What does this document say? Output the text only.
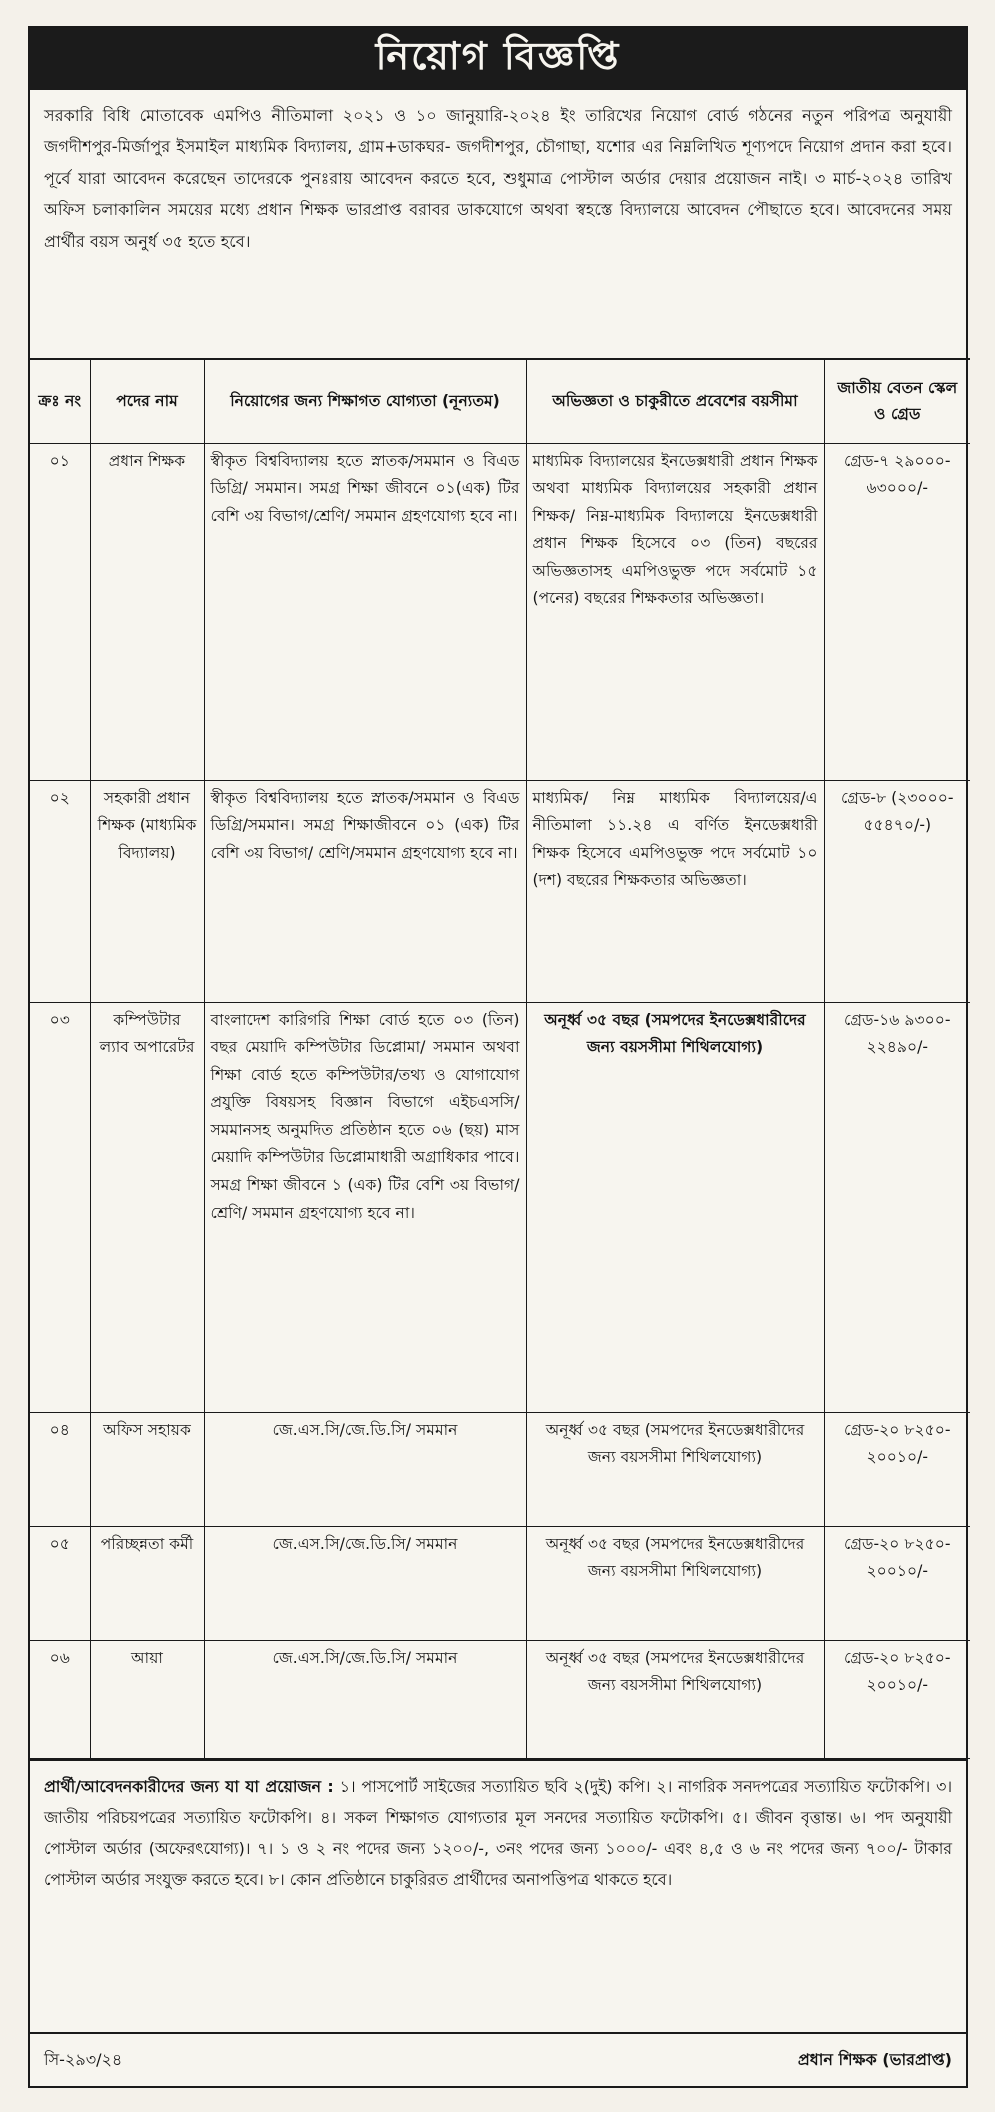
নিয়োগ বিজ্ঞপ্তি
সরকারি বিধি মোতাবেক এমপিও নীতিমালা ২০২১ ও ১০ জানুয়ারি-২০২৪ ইং তারিখের নিয়োগ বোর্ড গঠনের নতুন পরিপত্র অনুযায়ী জগদীশপুর-মির্জাপুর ইসমাইল মাধ্যমিক বিদ্যালয়, গ্রাম+ডাকঘর- জগদীশপুর, চৌগাছা, যশোর এর নিম্নলিখিত শূণ্যপদে নিয়োগ প্রদান করা হবে। পূর্বে যারা আবেদন করেছেন তাদেরকে পুনঃরায় আবেদন করতে হবে, শুধুমাত্র পোস্টাল অর্ডার দেয়ার প্রয়োজন নাই। ৩ মার্চ-২০২৪ তারিখ অফিস চলাকালিন সময়ের মধ্যে প্রধান শিক্ষক ভারপ্রাপ্ত বরাবর ডাকযোগে অথবা স্বহস্তে বিদ্যালয়ে আবেদন পৌছাতে হবে। আবেদনের সময় প্রার্থীর বয়স অনুর্ধ ৩৫ হতে হবে।
ক্রঃ নং	পদের নাম	নিয়োগের জন্য শিক্ষাগত যোগ্যতা (নূন্যতম)	অভিজ্ঞতা ও চাকুরীতে প্রবেশের বয়সীমা	জাতীয় বেতন স্কেল ও গ্রেড
০১	প্রধান শিক্ষক	স্বীকৃত বিশ্ববিদ্যালয় হতে স্নাতক/সমমান ও বিএড ডিগ্রি/ সমমান। সমগ্র শিক্ষা জীবনে ০১(এক) টির বেশি ৩য় বিভাগ/শ্রেণি/ সমমান গ্রহণযোগ্য হবে না।	মাধ্যমিক বিদ্যালয়ের ইনডেক্সধারী প্রধান শিক্ষক অথবা মাধ্যমিক বিদ্যালয়ের সহকারী প্রধান শিক্ষক/ নিম্ন-মাধ্যমিক বিদ্যালয়ে ইনডেক্সধারী প্রধান শিক্ষক হিসেবে ০৩ (তিন) বছরের অভিজ্ঞতাসহ এমপিওভুক্ত পদে সর্বমোট ১৫ (পনের) বছরের শিক্ষকতার অভিজ্ঞতা।	গ্রেড-৭ ২৯০০০- ৬৩০০০/-
০২	সহকারী প্রধান শিক্ষক (মাধ্যমিক বিদ্যালয়)	স্বীকৃত বিশ্ববিদ্যালয় হতে স্নাতক/সমমান ও বিএড ডিগ্রি/সমমান। সমগ্র শিক্ষাজীবনে ০১ (এক) টির বেশি ৩য় বিভাগ/ শ্রেণি/সমমান গ্রহণযোগ্য হবে না।	মাধ্যমিক/ নিম্ন মাধ্যমিক বিদ্যালয়ের/এ নীতিমালা ১১.২৪ এ বর্ণিত ইনডেক্সধারী শিক্ষক হিসেবে এমপিওভুক্ত পদে সর্বমোট ১০ (দশ) বছরের শিক্ষকতার অভিজ্ঞতা।	গ্রেড-৮ (২৩০০০- ৫৫৪৭০/-)
০৩	কম্পিউটার ল্যাব অপারেটর	বাংলাদেশ কারিগরি শিক্ষা বোর্ড হতে ০৩ (তিন) বছর মেয়াদি কম্পিউটার ডিপ্লোমা/ সমমান অথবা শিক্ষা বোর্ড হতে কম্পিউটার/তথ্য ও যোগাযোগ প্রযুক্তি বিষয়সহ বিজ্ঞান বিভাগে এইচএসসি/ সমমানসহ অনুমদিত প্রতিষ্ঠান হতে ০৬ (ছয়) মাস মেয়াদি কম্পিউটার ডিপ্লোমাধারী অগ্রাধিকার পাবে। সমগ্র শিক্ষা জীবনে ১ (এক) টির বেশি ৩য় বিভাগ/শ্রেণি/ সমমান গ্রহণযোগ্য হবে না।	অনূর্ধ্ব ৩৫ বছর (সমপদের ইনডেক্সধারীদের জন্য বয়সসীমা শিথিলযোগ্য)	গ্রেড-১৬ ৯৩০০- ২২৪৯০/-
০৪	অফিস সহায়ক	জে.এস.সি/জে.ডি.সি/ সমমান	অনূর্ধ্ব ৩৫ বছর (সমপদের ইনডেক্সধারীদের জন্য বয়সসীমা শিথিলযোগ্য)	গ্রেড-২০ ৮২৫০- ২০০১০/-
০৫	পরিচ্ছন্নতা কর্মী	জে.এস.সি/জে.ডি.সি/ সমমান	অনূর্ধ্ব ৩৫ বছর (সমপদের ইনডেক্সধারীদের জন্য বয়সসীমা শিথিলযোগ্য)	গ্রেড-২০ ৮২৫০- ২০০১০/-
০৬	আয়া	জে.এস.সি/জে.ডি.সি/ সমমান	অনূর্ধ্ব ৩৫ বছর (সমপদের ইনডেক্সধারীদের জন্য বয়সসীমা শিথিলযোগ্য)	গ্রেড-২০ ৮২৫০- ২০০১০/-
প্রার্থী/আবেদনকারীদের জন্য যা যা প্রয়োজন : ১। পাসপোর্ট সাইজের সত্যায়িত ছবি ২(দুই) কপি। ২। নাগরিক সনদপত্রের সত্যায়িত ফটোকপি। ৩। জাতীয় পরিচয়পত্রের সত্যায়িত ফটোকপি। ৪। সকল শিক্ষাগত যোগ্যতার মূল সনদের সত্যায়িত ফটোকপি। ৫। জীবন বৃত্তান্ত। ৬। পদ অনুযায়ী পোস্টাল অর্ডার (অফেরৎযোগ্য)। ৭। ১ ও ২ নং পদের জন্য ১২০০/-, ৩নং পদের জন্য ১০০০/- এবং ৪,৫ ও ৬ নং পদের জন্য ৭০০/- টাকার পোস্টাল অর্ডার সংযুক্ত করতে হবে। ৮। কোন প্রতিষ্ঠানে চাকুরিরত প্রার্থীদের অনাপত্তিপত্র থাকতে হবে।
সি-২৯৩/২৪	প্রধান শিক্ষক (ভারপ্রাপ্ত)
